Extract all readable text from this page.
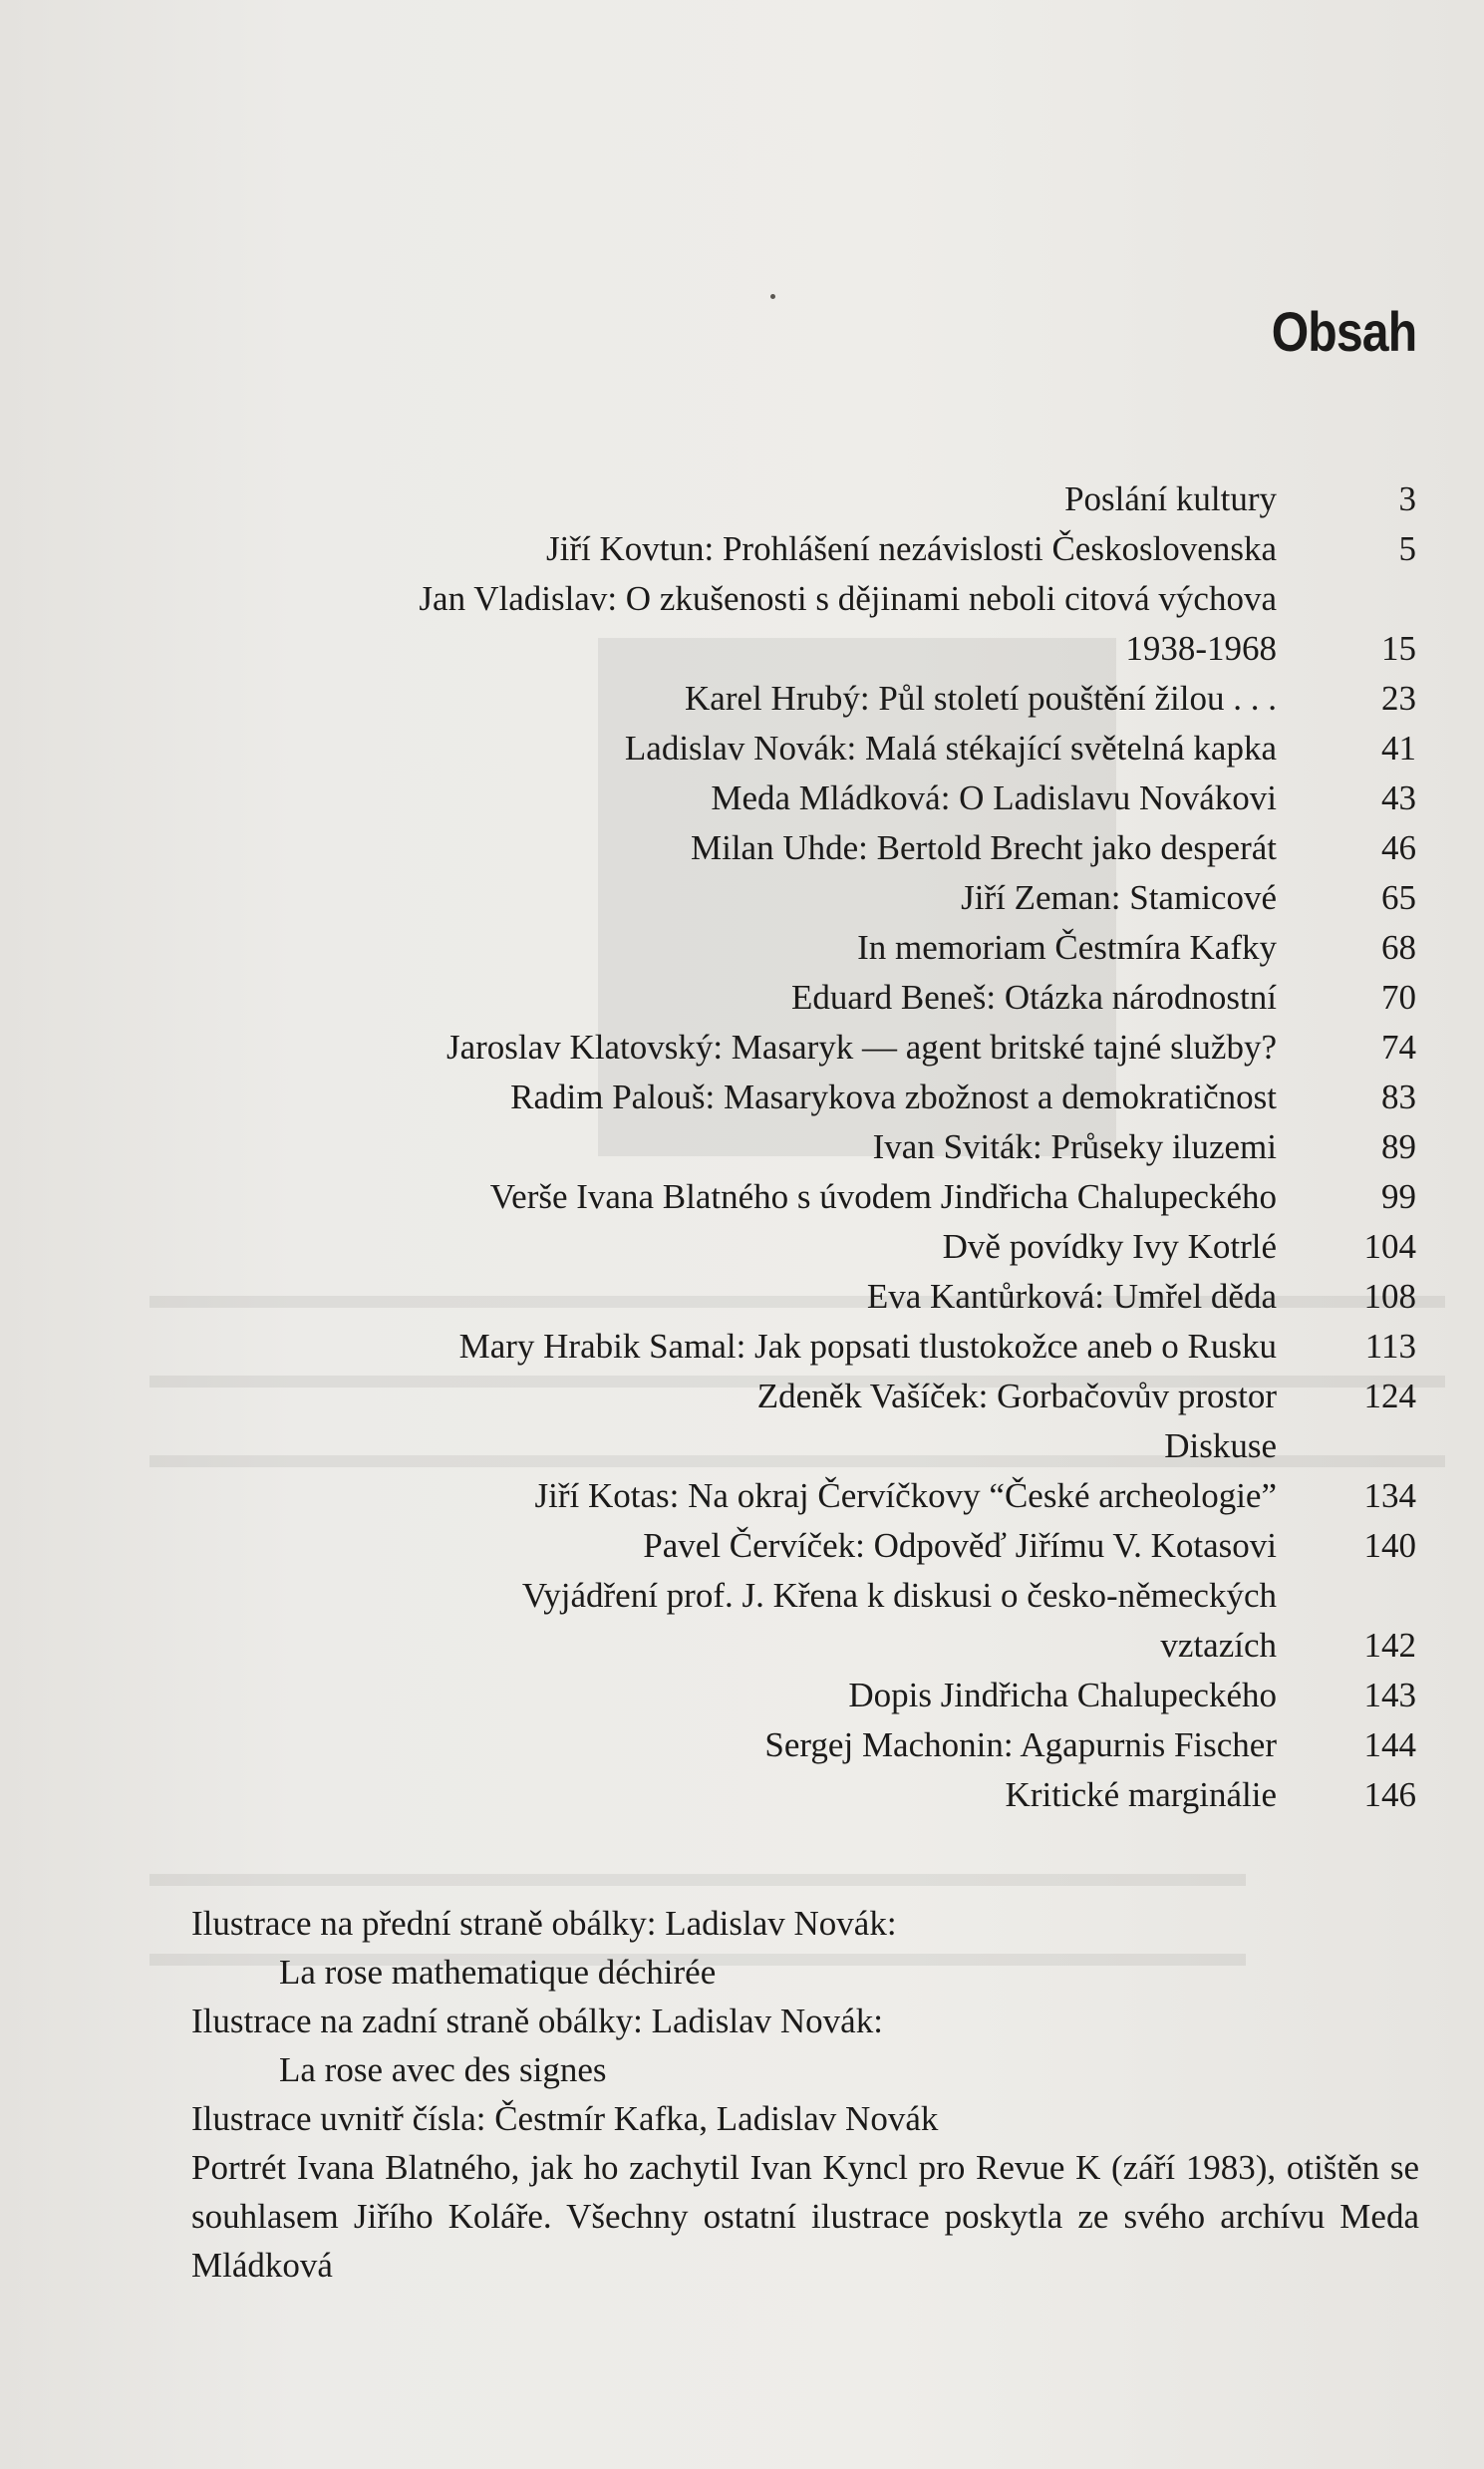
Obsah
Poslání kultury	3
Jiří Kovtun: Prohlášení nezávislosti Československa	5
Jan Vladislav: O zkušenosti s dějinami neboli citová výchova
1938-1968	15
Karel Hrubý: Půl století pouštění žilou . . .	23
Ladislav Novák: Malá stékající světelná kapka	41
Meda Mládková: O Ladislavu Novákovi	43
Milan Uhde: Bertold Brecht jako desperát	46
Jiří Zeman: Stamicové	65
In memoriam Čestmíra Kafky	68
Eduard Beneš: Otázka národnostní	70
Jaroslav Klatovský: Masaryk — agent britské tajné služby?	74
Radim Palouš: Masarykova zbožnost a demokratičnost	83
Ivan Sviták: Průseky iluzemi	89
Verše Ivana Blatného s úvodem Jindřicha Chalupeckého	99
Dvě povídky Ivy Kotrlé	104
Eva Kantůrková: Umřel děda	108
Mary Hrabik Samal: Jak popsati tlustokožce aneb o Rusku	113
Zdeněk Vašíček: Gorbačovův prostor	124
Diskuse
Jiří Kotas: Na okraj Červíčkovy “České archeologie”	134
Pavel Červíček: Odpověď Jiřímu V. Kotasovi	140
Vyjádření prof. J. Křena k diskusi o česko-německých
vztazích	142
Dopis Jindřicha Chalupeckého	143
Sergej Machonin: Agapurnis Fischer	144
Kritické marginálie	146

Ilustrace na přední straně obálky: Ladislav Novák:

La rose mathematique déchirée

Ilustrace na zadní straně obálky: Ladislav Novák:

La rose avec des signes

Ilustrace uvnitř čísla: Čestmír Kafka, Ladislav Novák

Portrét Ivana Blatného, jak ho zachytil Ivan Kyncl pro Revue K (září 1983), otištěn se souhlasem Jiřího Koláře. Všechny ostatní ilustrace poskytla ze svého archívu Meda Mládková
